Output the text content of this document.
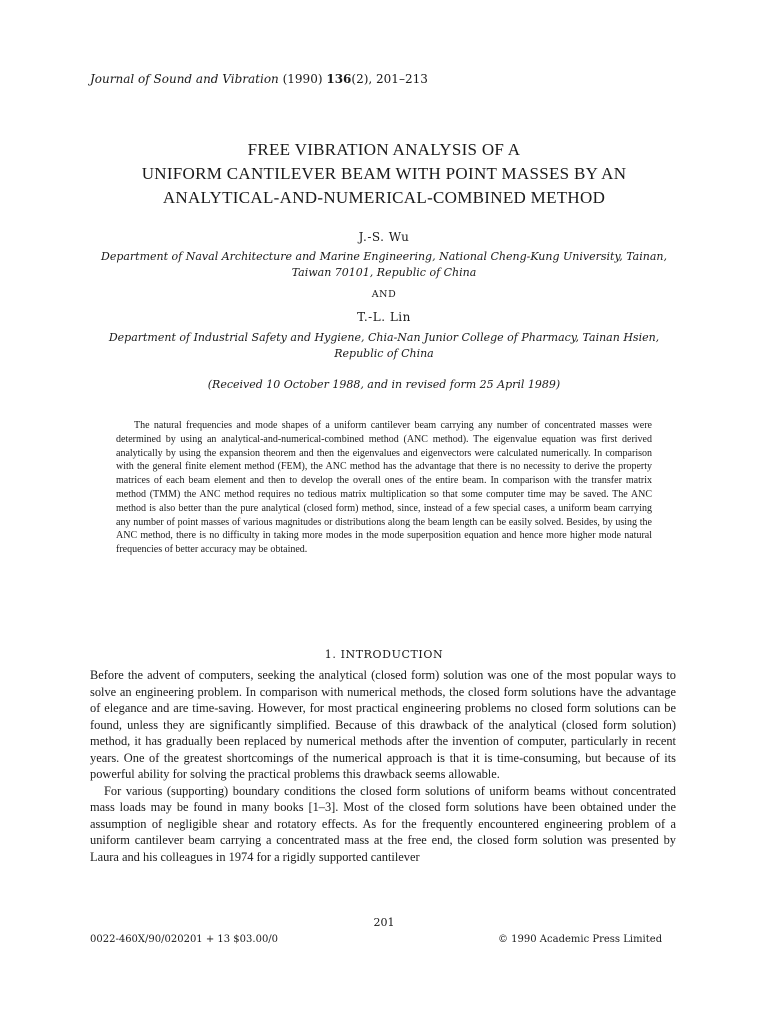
Journal of Sound and Vibration (1990) 136(2), 201–213
FREE VIBRATION ANALYSIS OF A
UNIFORM CANTILEVER BEAM WITH POINT MASSES BY AN
ANALYTICAL-AND-NUMERICAL-COMBINED METHOD
J.-S. Wu
Department of Naval Architecture and Marine Engineering, National Cheng-Kung University, Tainan,
Taiwan 70101, Republic of China
AND
T.-L. Lin
Department of Industrial Safety and Hygiene, Chia-Nan Junior College of Pharmacy, Tainan Hsien,
Republic of China
(Received 10 October 1988, and in revised form 25 April 1989)

The natural frequencies and mode shapes of a uniform cantilever beam carrying any number of concentrated masses were determined by using an analytical-and-numerical-combined method (ANC method). The eigenvalue equation was first derived analytically by using the expansion theorem and then the eigenvalues and eigenvectors were calculated numerically. In comparison with the general finite element method (FEM), the ANC method has the advantage that there is no necessity to derive the property matrices of each beam element and then to develop the overall ones of the entire beam. In comparison with the transfer matrix method (TMM) the ANC method requires no tedious matrix multiplication so that some computer time may be saved. The ANC method is also better than the pure analytical (closed form) method, since, instead of a few special cases, a uniform beam carrying any number of point masses of various magnitudes or distributions along the beam length can be easily solved. Besides, by using the ANC method, there is no difficulty in taking more modes in the mode superposition equation and hence more higher mode natural frequencies of better accuracy may be obtained.

1. INTRODUCTION

Before the advent of computers, seeking the analytical (closed form) solution was one of the most popular ways to solve an engineering problem. In comparison with numerical methods, the closed form solutions have the advantage of elegance and are time-saving. However, for most practical engineering problems no closed form solutions can be found, unless they are significantly simplified. Because of this drawback of the analytical (closed form solution) method, it has gradually been replaced by numerical methods after the invention of computer, particularly in recent years. One of the greatest shortcomings of the numerical approach is that it is time-consuming, but because of its powerful ability for solving the practical problems this drawback seems allowable.

For various (supporting) boundary conditions the closed form solutions of uniform beams without concentrated mass loads may be found in many books [1–3]. Most of the closed form solutions have been obtained under the assumption of negligible shear and rotatory effects. As for the frequently encountered engineering problem of a uniform cantilever beam carrying a concentrated mass at the free end, the closed form solution was presented by Laura and his colleagues in 1974 for a rigidly supported cantilever

201
0022-460X/90/020201 + 13 $03.00/0	© 1990 Academic Press Limited
